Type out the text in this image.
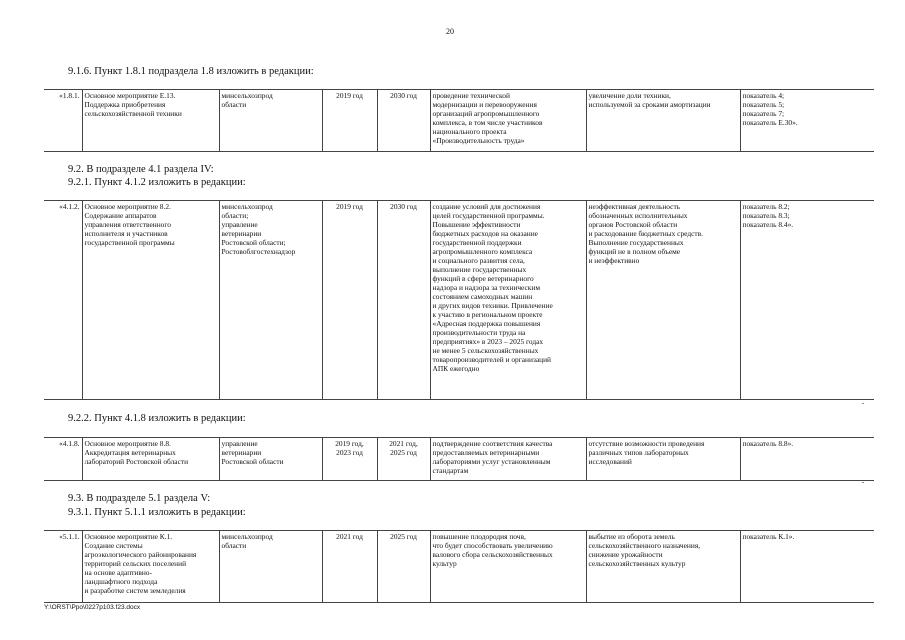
20
9.1.6. Пункт 1.8.1 подраздела 1.8 изложить в редакции:
«1.8.1.	Основное мероприятие Е.13.
Поддержка приобретения
сельскохозяйственной техники	минсельхозпрод
области	2019 год	2030 год	проведение технической
модернизации и перевооружения
организаций агропромышленного
комплекса, в том числе участников
национального проекта
«Производительность труда»	увеличение доли техники,
используемой за сроками амортизации	показатель 4;
показатель 5;
показатель 7;
показатель Е.30».
9.2. В подразделе 4.1 раздела IV:
9.2.1. Пункт 4.1.2 изложить в редакции:
«4.1.2.	Основное мероприятие 8.2.
Содержание аппаратов
управления ответственного
исполнителя и участников
государственной программы	минсельхозпрод
области;
управление
ветеринарии
Ростовской области;
Ростовоблгостехнадзор	2019 год	2030 год	создание условий для достижения
целей государственной программы.
Повышение эффективности
бюджетных расходов на оказание
государственной поддержки
агропромышленного комплекса
и социального развития села,
выполнение государственных
функций в сфере ветеринарного
надзора и надзора за техническим
состоянием самоходных машин
и других видов техники. Привлечение
к участию в региональном проекте
«Адресная поддержка повышения
производительности труда на
предприятиях» в 2023 – 2025 годах
не менее 5 сельскохозяйственных
товаропроизводителей и организаций
АПК ежегодно	неэффективная деятельность
обозначенных исполнительных
органов Ростовской области
и расходование бюджетных средств.
Выполнение государственных
функций не в полном объеме
и неэффективно	показатель 8.2;
показатель 8.3;
показатель 8.4».
9.2.2. Пункт 4.1.8 изложить в редакции:
«4.1.8.	Основное мероприятие 8.8.
Аккредитация ветеринарных
лабораторий Ростовской области	управление
ветеринарии
Ростовской области	2019 год,
2023 год	2021 год,
2025 год	подтверждение соответствия качества
предоставляемых ветеринарными
лабораториями услуг установленным
стандартам	отсутствие возможности проведения
различных типов лабораторных
исследований	показатель 8.8».
9.3. В подразделе 5.1 раздела V:
9.3.1. Пункт 5.1.1 изложить в редакции:
«5.1.1.	Основное мероприятие К.1.
Создание системы
агроэкологического районирования
территорий сельских поселений
на основе адаптивно-
ландшафтного подхода
и разработке систем земледелия	минсельхозпрод
области	2021 год	2025 год	повышение плодородия почв,
что будет способствовать увеличению
валового сбора сельскохозяйственных
культур	выбытие из оборота земель
сельскохозяйственного назначения,
снижение урожайности
сельскохозяйственных культур	показатель К.1».
Y:\ORST\Ppo\0227p103.f23.docx
